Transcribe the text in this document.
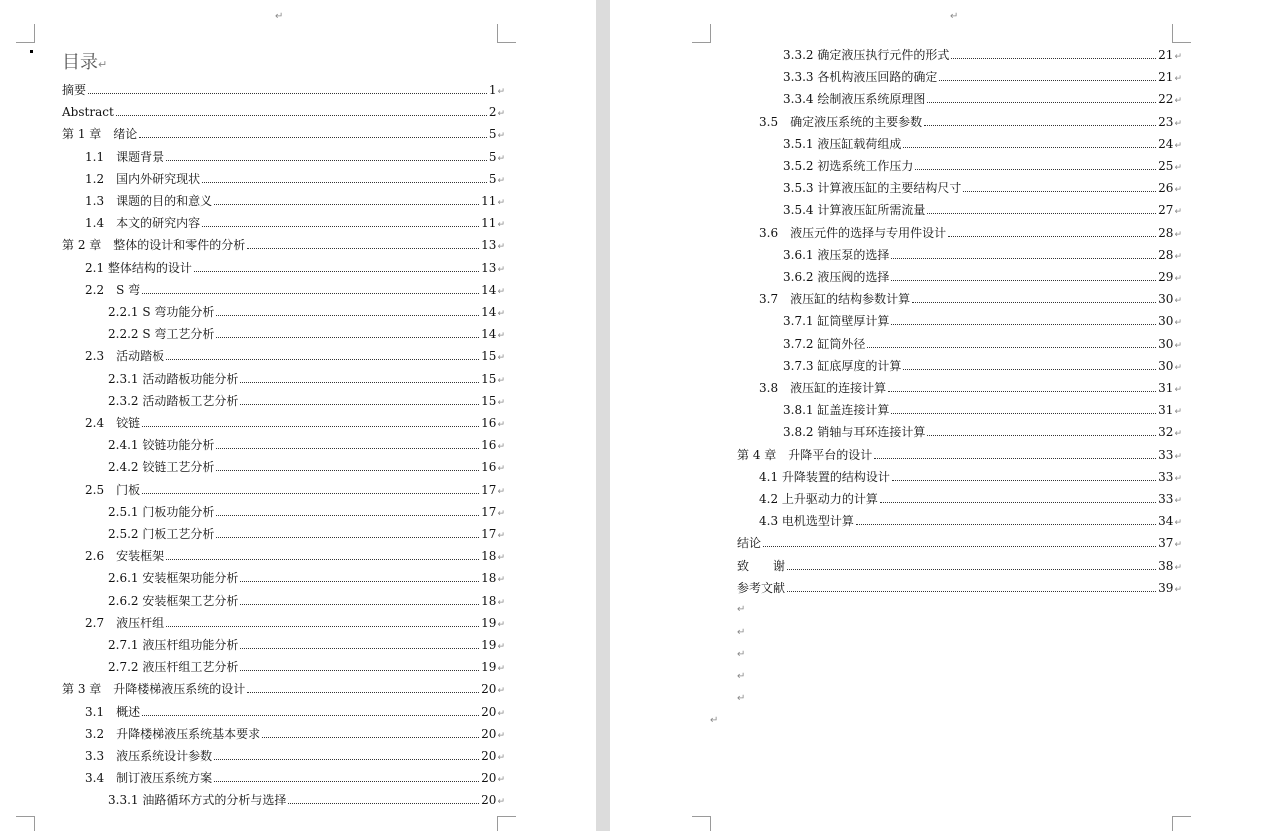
↵
目录↵
摘要	1 ↵
Abstract	2 ↵
第 1 章　绪论	5 ↵
1.1　课题背景	5 ↵
1.2　国内外研究现状	5 ↵
1.3　课题的目的和意义	11 ↵
1.4　本文的研究内容	11 ↵
第 2 章　整体的设计和零件的分析	13 ↵
2.1 整体结构的设计	13 ↵
2.2　S 弯	14 ↵
2.2.1 S 弯功能分析	14 ↵
2.2.2 S 弯工艺分析	14 ↵
2.3　活动踏板	15 ↵
2.3.1 活动踏板功能分析	15 ↵
2.3.2 活动踏板工艺分析	15 ↵
2.4　铰链	16 ↵
2.4.1 铰链功能分析	16 ↵
2.4.2 铰链工艺分析	16 ↵
2.5　门板	17 ↵
2.5.1 门板功能分析	17 ↵
2.5.2 门板工艺分析	17 ↵
2.6　安装框架	18 ↵
2.6.1 安装框架功能分析	18 ↵
2.6.2 安装框架工艺分析	18 ↵
2.7　液压杆组	19 ↵
2.7.1 液压杆组功能分析	19 ↵
2.7.2 液压杆组工艺分析	19 ↵
第 3 章　升降楼梯液压系统的设计	20 ↵
3.1　概述	20 ↵
3.2　升降楼梯液压系统基本要求	20 ↵
3.3　液压系统设计参数	20 ↵
3.4　制订液压系统方案	20 ↵
3.3.1 油路循环方式的分析与选择	20 ↵
↵
3.3.2 确定液压执行元件的形式	21 ↵
3.3.3 各机构液压回路的确定	21 ↵
3.3.4 绘制液压系统原理图	22 ↵
3.5　确定液压系统的主要参数	23 ↵
3.5.1 液压缸载荷组成	24 ↵
3.5.2 初选系统工作压力	25 ↵
3.5.3 计算液压缸的主要结构尺寸	26 ↵
3.5.4 计算液压缸所需流量	27 ↵
3.6　液压元件的选择与专用件设计	28 ↵
3.6.1 液压泵的选择	28 ↵
3.6.2 液压阀的选择	29 ↵
3.7　液压缸的结构参数计算	30 ↵
3.7.1 缸筒壁厚计算	30 ↵
3.7.2 缸筒外径	30 ↵
3.7.3 缸底厚度的计算	30 ↵
3.8　液压缸的连接计算	31 ↵
3.8.1 缸盖连接计算	31 ↵
3.8.2 销轴与耳环连接计算	32 ↵
第 4 章　升降平台的设计	33 ↵
4.1 升降装置的结构设计	33 ↵
4.2 上升驱动力的计算	33 ↵
4.3 电机选型计算	34 ↵
结论	37 ↵
致　　谢	38 ↵
参考文献	39 ↵
↵
↵
↵
↵
↵
↵
